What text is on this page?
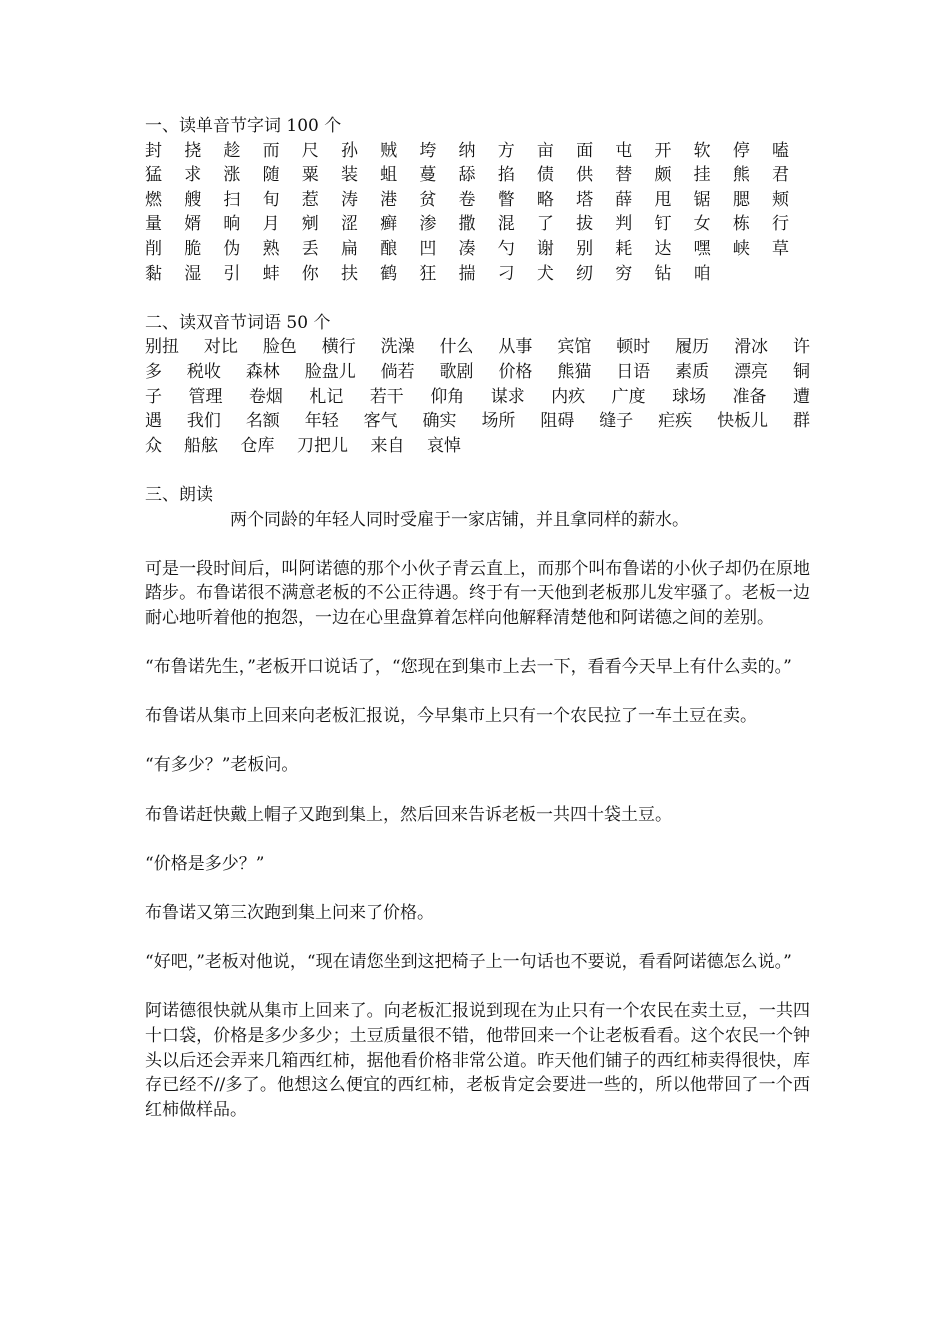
一、读单音节字词 100 个

封	挠	趁	而	尺	孙	贼	垮	纳	方	亩	面	屯	开	软	停	嗑
猛	求	涨	随	粟	装	蛆	蔓	舔	掐	债	供	替	颇	挂	熊	君
燃	艘	扫	旬	惹	涛	港	贫	卷	瞥	略	塔	薛	甩	锯	腮	颊
量	婿	晌	月	剜	涩	癣	渗	撒	混	了	拔	判	钉	女	栋	行
削	脆	伪	熟	丢	扁	酿	凹	凑	勺	谢	别	耗	达	嘿	峡	草
黏	湿	引	蚌	你	扶	鹤	狂	揣	刁	犬	纫	穷	钻	咱

二、读双音节词语 50 个

别扭 对比 脸色 横行 洗澡 什么 从事 宾馆 顿时 履历 滑冰 许
多 税收 森林 脸盘儿 倘若 歌剧 价格 熊猫 日语 素质 漂亮 铜
子 管理 卷烟 札记 若干 仰角 谋求 内疚 广度 球场 准备 遭
遇 我们 名额 年轻 客气 确实 场所 阻碍 缝子 疟疾 快板儿 群
众 船舷 仓库 刀把儿 来自 哀悼

三、朗读

两个同龄的年轻人同时受雇于一家店铺，并且拿同样的薪水。

可是一段时间后，叫阿诺德的那个小伙子青云直上，而那个叫布鲁诺的小伙子却仍在原地踏步。布鲁诺很不满意老板的不公正待遇。终于有一天他到老板那儿发牢骚了。老板一边耐心地听着他的抱怨，一边在心里盘算着怎样向他解释清楚他和阿诺德之间的差别。

“布鲁诺先生，”老板开口说话了，“您现在到集市上去一下，看看今天早上有什么卖的。”

布鲁诺从集市上回来向老板汇报说，今早集市上只有一个农民拉了一车土豆在卖。

“有多少？”老板问。

布鲁诺赶快戴上帽子又跑到集上，然后回来告诉老板一共四十袋土豆。

“价格是多少？”

布鲁诺又第三次跑到集上问来了价格。

“好吧，”老板对他说，“现在请您坐到这把椅子上一句话也不要说，看看阿诺德怎么说。”

阿诺德很快就从集市上回来了。向老板汇报说到现在为止只有一个农民在卖土豆，一共四十口袋，价格是多少多少；土豆质量很不错，他带回来一个让老板看看。这个农民一个钟头以后还会弄来几箱西红柿，据他看价格非常公道。昨天他们铺子的西红柿卖得很快，库存已经不//多了。他想这么便宜的西红柿，老板肯定会要进一些的，所以他带回了一个西红柿做样品。
